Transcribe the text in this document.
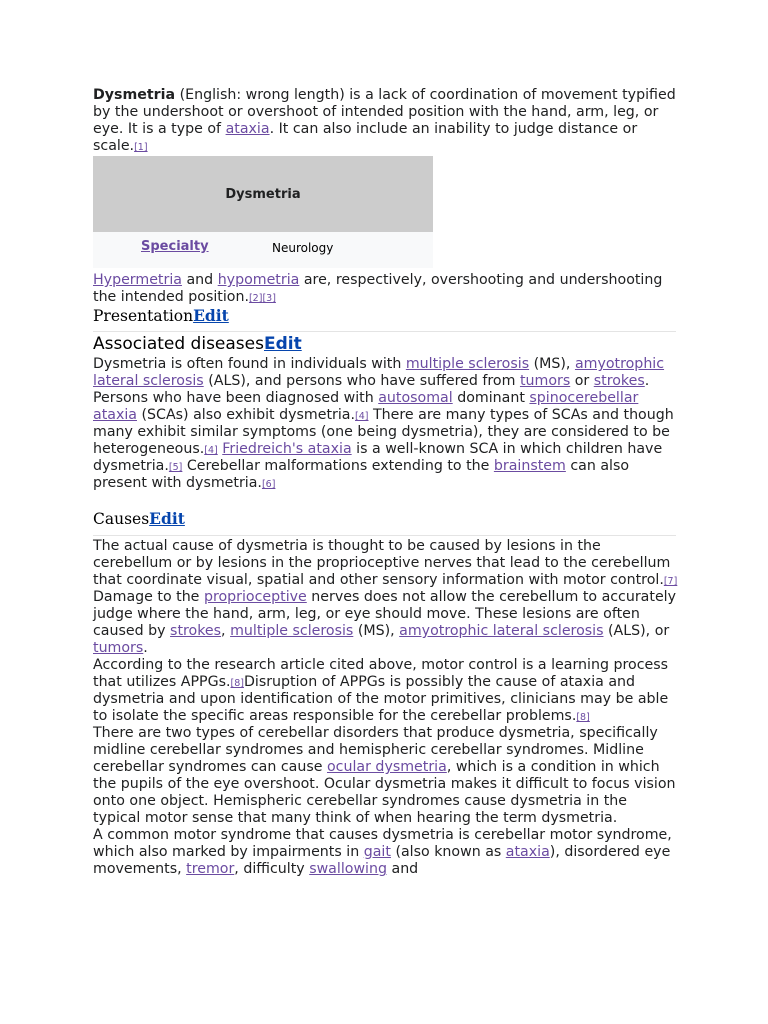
Dysmetria (English: wrong length) is a lack of coordination of movement typified by the undershoot or overshoot of intended position with the hand, arm, leg, or eye. It is a type of ataxia. It can also include an inability to judge distance or scale.[1]

Dysmetria
Specialty	Neurology

Hypermetria and hypometria are, respectively, overshooting and undershooting the intended position.[2][3]

PresentationEdit
Associated diseasesEdit

Dysmetria is often found in individuals with multiple sclerosis (MS), amyotrophic lateral sclerosis (ALS), and persons who have suffered from tumors or strokes. Persons who have been diagnosed with autosomal dominant spinocerebellar ataxia (SCAs) also exhibit dysmetria.[4] There are many types of SCAs and though many exhibit similar symptoms (one being dysmetria), they are considered to be heterogeneous.[4] Friedreich's ataxia is a well-known SCA in which children have dysmetria.[5] Cerebellar malformations extending to the brainstem can also present with dysmetria.[6]

CausesEdit

The actual cause of dysmetria is thought to be caused by lesions in the cerebellum or by lesions in the proprioceptive nerves that lead to the cerebellum that coordinate visual, spatial and other sensory information with motor control.[7] Damage to the proprioceptive nerves does not allow the cerebellum to accurately judge where the hand, arm, leg, or eye should move. These lesions are often caused by strokes, multiple sclerosis (MS), amyotrophic lateral sclerosis (ALS), or tumors.

According to the research article cited above, motor control is a learning process that utilizes APPGs.[8]Disruption of APPGs is possibly the cause of ataxia and dysmetria and upon identification of the motor primitives, clinicians may be able to isolate the specific areas responsible for the cerebellar problems.[8]

There are two types of cerebellar disorders that produce dysmetria, specifically midline cerebellar syndromes and hemispheric cerebellar syndromes. Midline cerebellar syndromes can cause ocular dysmetria, which is a condition in which the pupils of the eye overshoot. Ocular dysmetria makes it difficult to focus vision onto one object. Hemispheric cerebellar syndromes cause dysmetria in the typical motor sense that many think of when hearing the term dysmetria.

A common motor syndrome that causes dysmetria is cerebellar motor syndrome, which also marked by impairments in gait (also known as ataxia), disordered eye movements, tremor, difficulty swallowing and
